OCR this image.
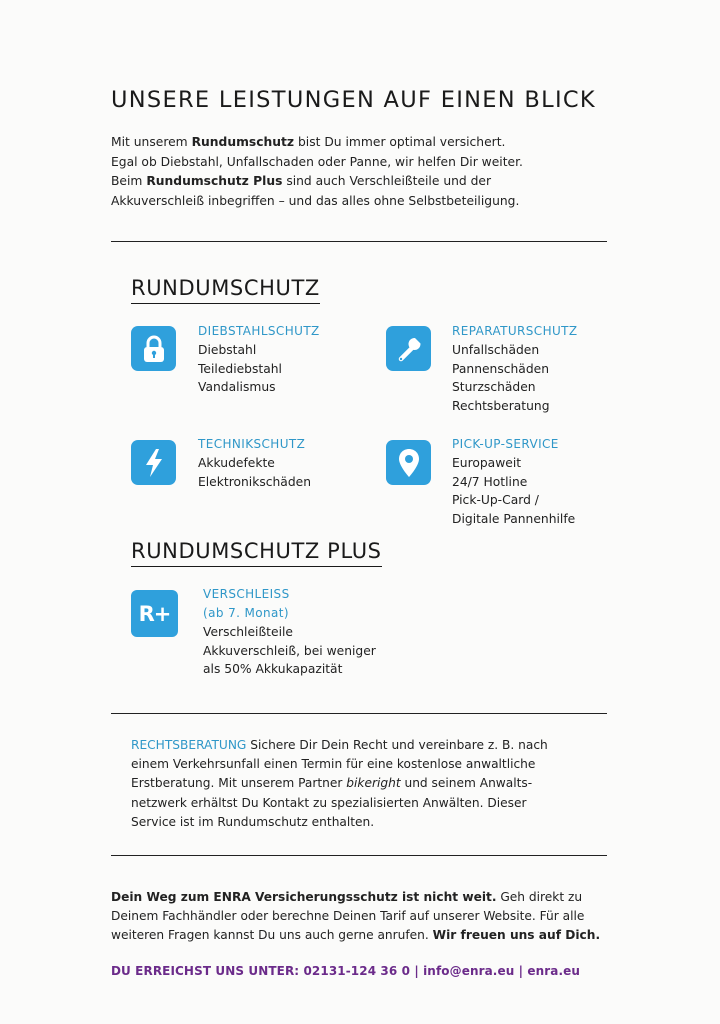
UNSERE LEISTUNGEN AUF EINEN BLICK
Mit unserem Rundumschutz bist Du immer optimal versichert.
Egal ob Diebstahl, Unfallschaden oder Panne, wir helfen Dir weiter.
Beim Rundumschutz Plus sind auch Verschleißteile und der
Akkuverschleiß inbegriffen – und das alles ohne Selbstbeteiligung.
RUNDUMSCHUTZ
DIEBSTAHLSCHUTZ
Diebstahl
Teilediebstahl
Vandalismus
REPARATURSCHUTZ
Unfallschäden
Pannenschäden
Sturzschäden
Rechtsberatung
TECHNIKSCHUTZ
Akkudefekte
Elektronikschäden
PICK-UP-SERVICE
Europaweit
24/7 Hotline
Pick-Up-Card /
Digitale Pannenhilfe
RUNDUMSCHUTZ PLUS
R+
VERSCHLEISS
(ab 7. Monat)
Verschleißteile
Akkuverschleiß, bei weniger
als 50% Akkukapazität
RECHTSBERATUNG Sichere Dir Dein Recht und vereinbare z. B. nach
einem Verkehrsunfall einen Termin für eine kostenlose anwaltliche
Erstberatung. Mit unserem Partner bikeright und seinem Anwalts-
netzwerk erhältst Du Kontakt zu spezialisierten Anwälten. Dieser
Service ist im Rundumschutz enthalten.
Dein Weg zum ENRA Versicherungsschutz ist nicht weit. Geh direkt zu
Deinem Fachhändler oder berechne Deinen Tarif auf unserer Website. Für alle
weiteren Fragen kannst Du uns auch gerne anrufen. Wir freuen uns auf Dich.
DU ERREICHST UNS UNTER: 02131-124 36 0 | info@enra.eu | enra.eu
